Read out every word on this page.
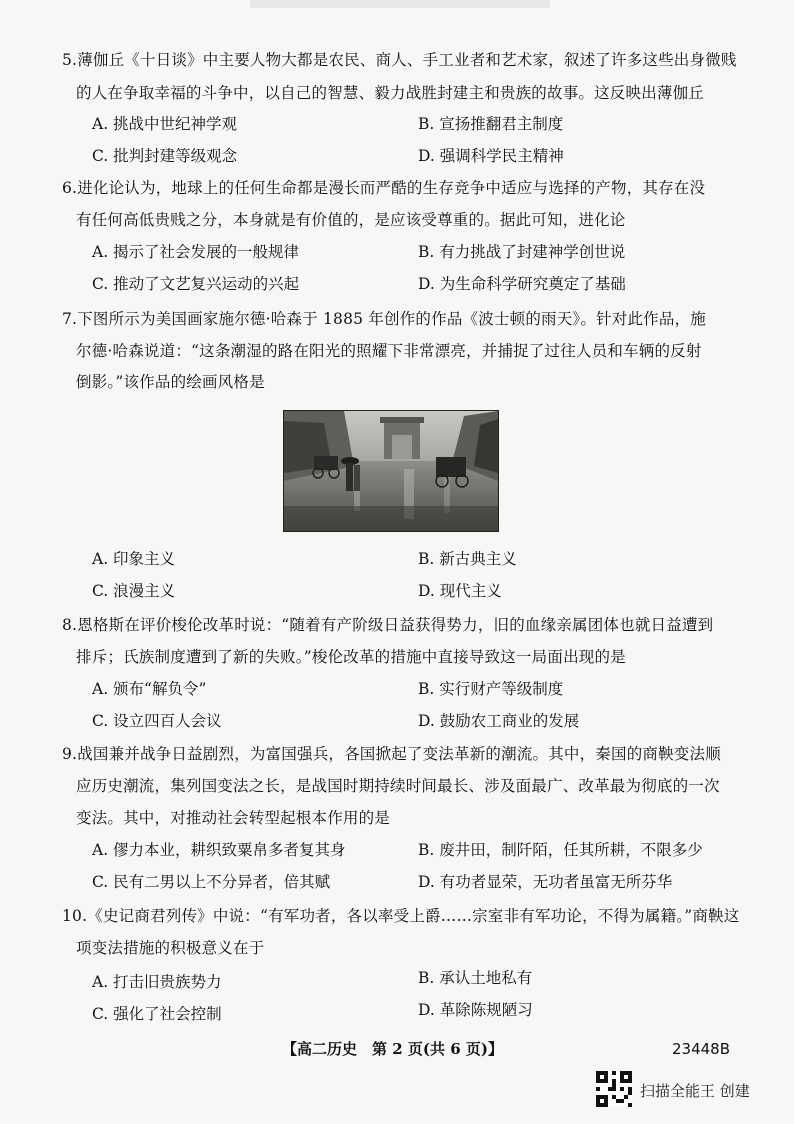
5.薄伽丘《十日谈》中主要人物大都是农民、商人、手工业者和艺术家，叙述了许多这些出身微贱
的人在争取幸福的斗争中，以自己的智慧、毅力战胜封建主和贵族的故事。这反映出薄伽丘
A. 挑战中世纪神学观	B. 宣扬推翻君主制度
C. 批判封建等级观念	D. 强调科学民主精神
6.进化论认为，地球上的任何生命都是漫长而严酷的生存竞争中适应与选择的产物，其存在没
有任何高低贵贱之分，本身就是有价值的，是应该受尊重的。据此可知，进化论
A. 揭示了社会发展的一般规律	B. 有力挑战了封建神学创世说
C. 推动了文艺复兴运动的兴起	D. 为生命科学研究奠定了基础
7.下图所示为美国画家施尔德·哈森于 1885 年创作的作品《波士顿的雨天》。针对此作品，施
尔德·哈森说道：“这条潮湿的路在阳光的照耀下非常漂亮，并捕捉了过往人员和车辆的反射
倒影。”该作品的绘画风格是
A. 印象主义	B. 新古典主义
C. 浪漫主义	D. 现代主义
8.恩格斯在评价梭伦改革时说：“随着有产阶级日益获得势力，旧的血缘亲属团体也就日益遭到
排斥；氏族制度遭到了新的失败。”梭伦改革的措施中直接导致这一局面出现的是
A. 颁布“解负令”	B. 实行财产等级制度
C. 设立四百人会议	D. 鼓励农工商业的发展
9.战国兼并战争日益剧烈，为富国强兵，各国掀起了变法革新的潮流。其中，秦国的商鞅变法顺
应历史潮流，集列国变法之长，是战国时期持续时间最长、涉及面最广、改革最为彻底的一次
变法。其中，对推动社会转型起根本作用的是
A. 僇力本业，耕织致粟帛多者复其身	B. 废井田，制阡陌，任其所耕，不限多少
C. 民有二男以上不分异者，倍其赋	D. 有功者显荣，无功者虽富无所芬华
10.《史记商君列传》中说：“有军功者，各以率受上爵……宗室非有军功论，不得为属籍。”商鞅这
项变法措施的积极意义在于
A. 打击旧贵族势力	B. 承认土地私有
C. 强化了社会控制	D. 革除陈规陋习
【高二历史　第 2 页(共 6 页)】	23448B
扫描全能王 创建
